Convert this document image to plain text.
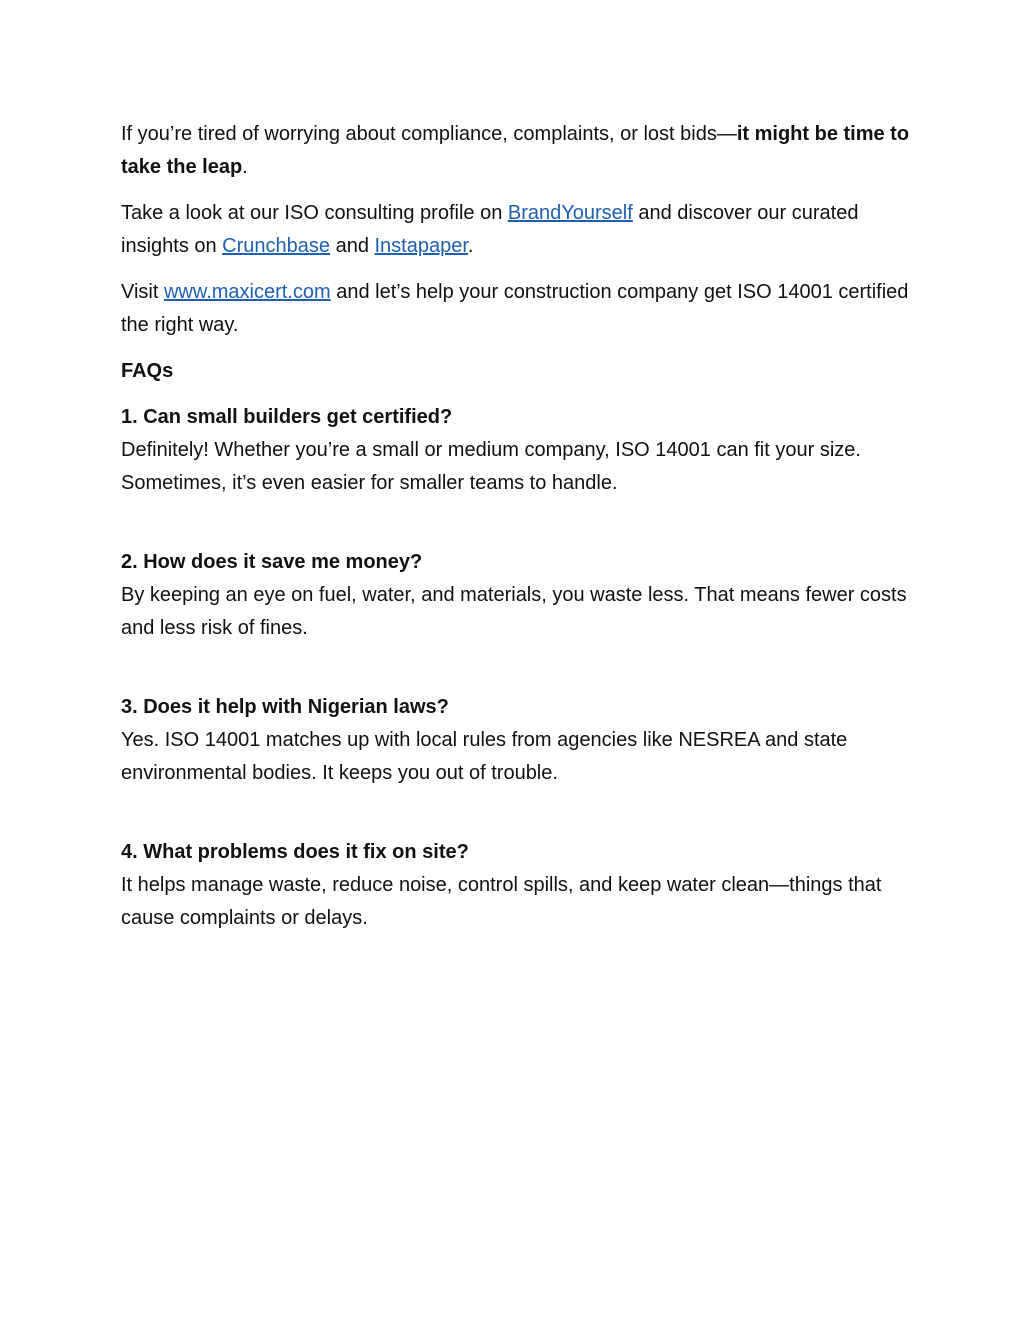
If you’re tired of worrying about compliance, complaints, or lost bids—it might be time to take the leap.

Take a look at our ISO consulting profile on BrandYourself and discover our curated insights on Crunchbase and Instapaper.

Visit www.maxicert.com and let’s help your construction company get ISO 14001 certified the right way.

FAQs

1. Can small builders get certified?

Definitely! Whether you’re a small or medium company, ISO 14001 can fit your size. Sometimes, it’s even easier for smaller teams to handle.

2. How does it save me money?

By keeping an eye on fuel, water, and materials, you waste less. That means fewer costs and less risk of fines.

3. Does it help with Nigerian laws?

Yes. ISO 14001 matches up with local rules from agencies like NESREA and state environmental bodies. It keeps you out of trouble.

4. What problems does it fix on site?

It helps manage waste, reduce noise, control spills, and keep water clean—things that cause complaints or delays.
